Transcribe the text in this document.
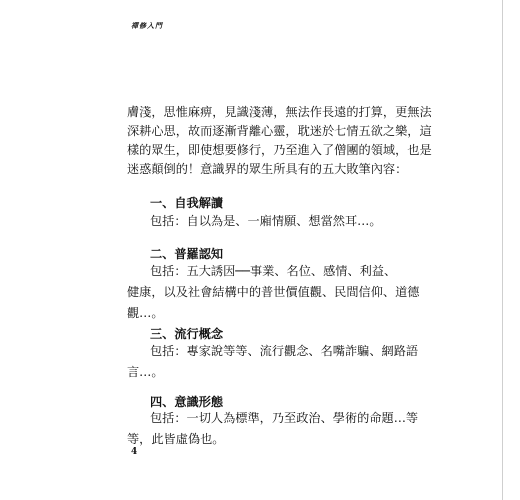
禪修入門

膚淺，思惟麻痹，見識淺薄，無法作長遠的打算，更無法

深耕心思，故而逐漸背離心靈，耽迷於七情五欲之樂，這

樣的眾生，即使想要修行，乃至進入了僧團的領域，也是

迷惑顛倒的！意識界的眾生所具有的五大敗筆內容：

一、自我解讀

包括：自以為是、一廂情願、想當然耳…。

二、普羅認知

包括：五大誘因──事業、名位、感情、利益、

健康，以及社會結構中的普世價值觀、民間信仰、道德

觀…。

三、流行概念

包括：專家說等等、流行觀念、名嘴詐騙、網路語

言…。

四、意識形態

包括：一切人為標準，乃至政治、學術的命題…等

等，此皆虛偽也。

4
